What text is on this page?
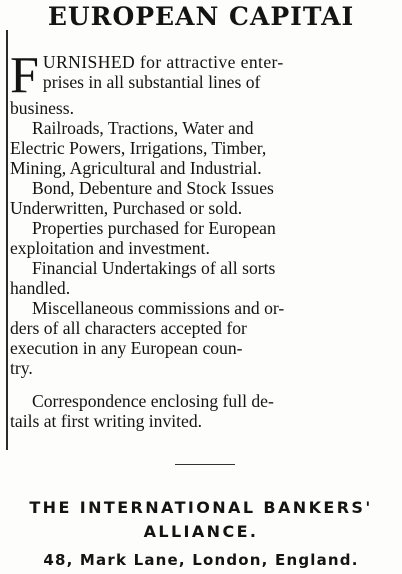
EUROPEAN CAPITAI
F URNISHED for attractive enter-
prises in all substantial lines of
business.
Railroads, Tractions, Water and
Electric Powers, Irrigations, Timber,
Mining, Agricultural and Industrial.
Bond, Debenture and Stock Issues
Underwritten, Purchased or sold.
Properties purchased for European
exploitation and investment.
Financial Undertakings of all sorts
handled.
Miscellaneous commissions and or-
ders of all characters accepted for
execution in any European coun-
try.
Correspondence enclosing full de-
tails at first writing invited.
THE INTERNATIONAL BANKERS'
ALLIANCE.
48, Mark Lane, London, England.
